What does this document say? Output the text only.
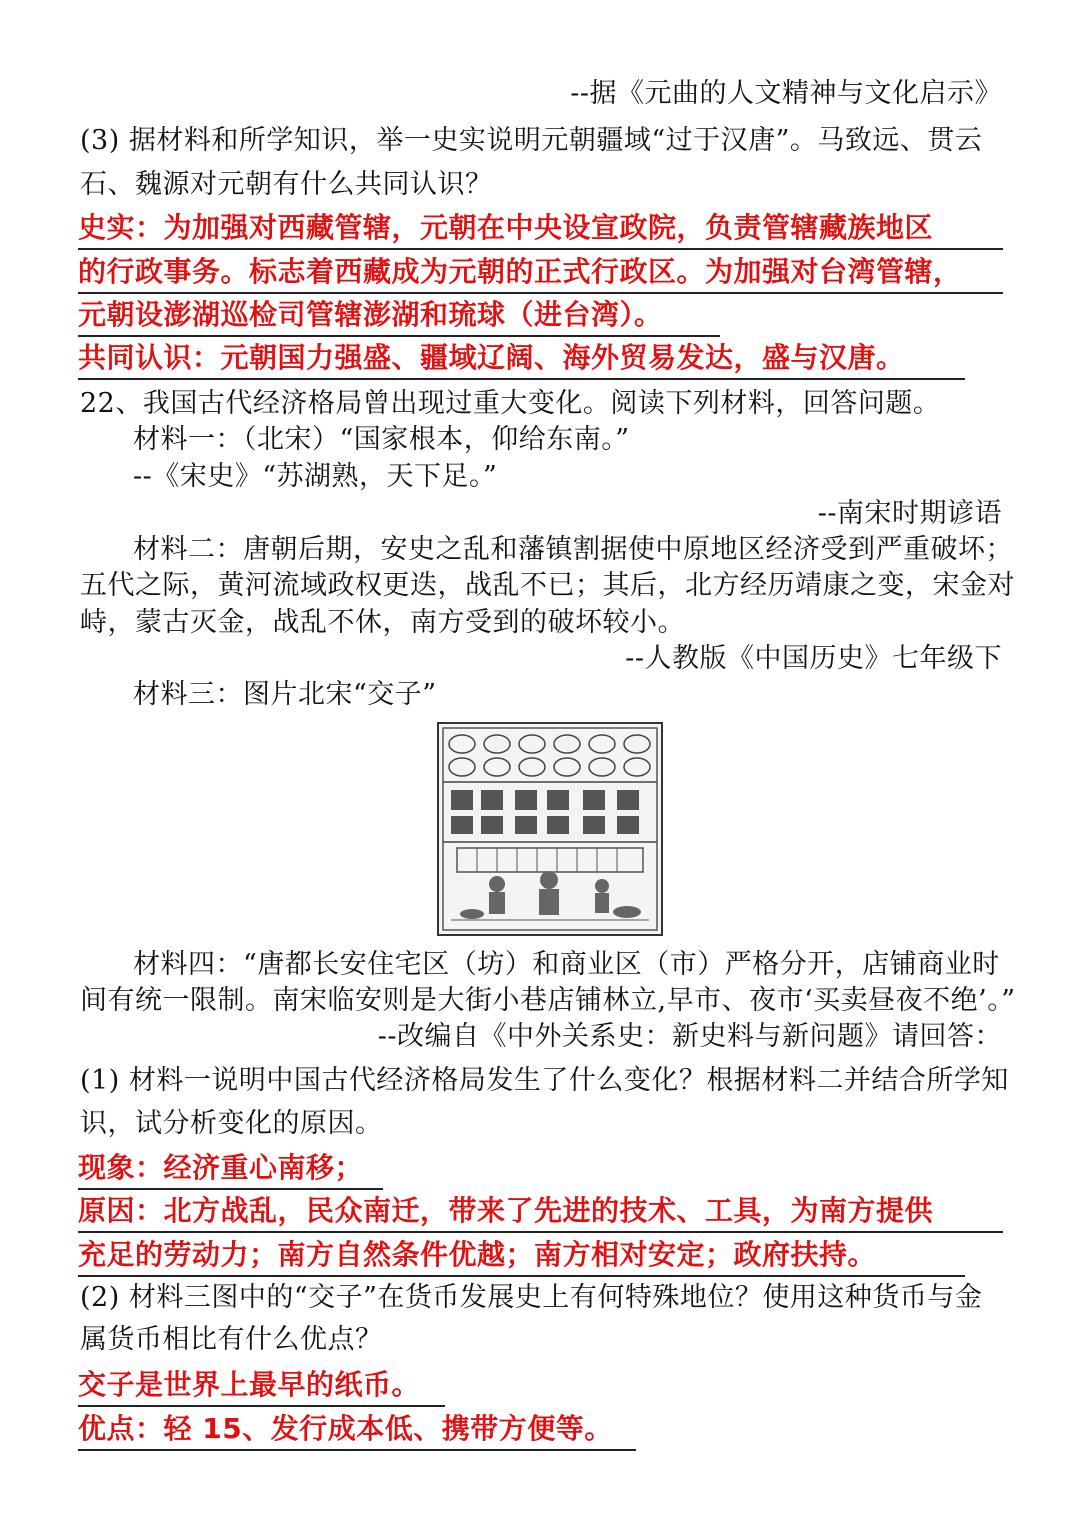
--据《元曲的人文精神与文化启示》
(3) 据材料和所学知识，举一史实说明元朝疆域“过于汉唐”。马致远、贯云
石、魏源对元朝有什么共同认识？
史实：为加强对西藏管辖，元朝在中央设宣政院，负责管辖藏族地区
的行政事务。标志着西藏成为元朝的正式行政区。为加强对台湾管辖，
元朝设澎湖巡检司管辖澎湖和琉球（进台湾）。
共同认识：元朝国力强盛、疆域辽阔、海外贸易发达，盛与汉唐。
22、我国古代经济格局曾出现过重大变化。阅读下列材料，回答问题。
材料一：（北宋）“国家根本，仰给东南。”
--《宋史》“苏湖熟，天下足。”
--南宋时期谚语
材料二：唐朝后期，安史之乱和藩镇割据使中原地区经济受到严重破坏；
五代之际，黄河流域政权更迭，战乱不已；其后，北方经历靖康之变，宋金对
峙，蒙古灭金，战乱不休，南方受到的破坏较小。
--人教版《中国历史》七年级下
材料三：图片北宋“交子”
材料四：“唐都长安住宅区（坊）和商业区（市）严格分开，店铺商业时
间有统一限制。南宋临安则是大街小巷店铺林立,早市、夜市‘买卖昼夜不绝’。”
--改编自《中外关系史：新史料与新问题》请回答：
(1) 材料一说明中国古代经济格局发生了什么变化？根据材料二并结合所学知
识，试分析变化的原因。
现象：经济重心南移；
原因：北方战乱，民众南迁，带来了先进的技术、工具，为南方提供
充足的劳动力；南方自然条件优越；南方相对安定；政府扶持。
(2) 材料三图中的“交子”在货币发展史上有何特殊地位？使用这种货币与金
属货币相比有什么优点？
交子是世界上最早的纸币。
优点：轻 15、发行成本低、携带方便等。
